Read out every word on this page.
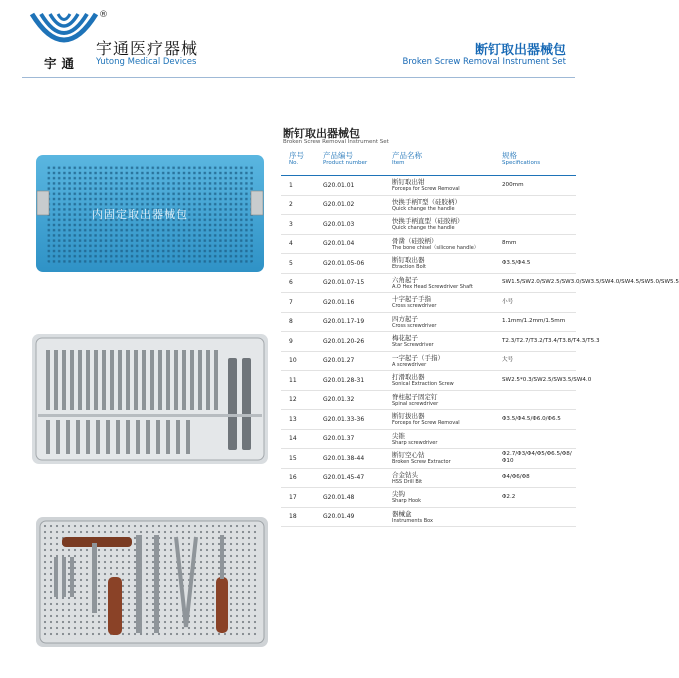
®
宇通
宇通医疗器械
Yutong Medical Devices
断钉取出器械包
Broken Screw Removal Instrument Set
内固定取出器械包
断钉取出器械包
Broken Screw Removal Instrument Set
序号
No.	产品编号
Product number	产品名称
Item	规格
Specifications

1	G20.01.01	断钉取出钳
Forceps for Screw Removal	200mm
2	G20.01.02	快换手柄T型（硅胶柄）
Quick change the handle	

3	G20.01.03	快换手柄直型（硅胶柄）
Quick change the handle	

4	G20.01.04	骨凿（硅胶柄）
The bone chisel（silicone handle）	8mm
5	G20.01.05-06	断钉取出器
Etraction Bolt	Φ3.5/Φ4.5
6	G20.01.07-15	六角起子
A.O Hex Head Screwdriver Shaft	SW1.5/SW2.0/SW2.5/SW3.0/SW3.5/SW4.0/SW4.5/SW5.0/SW5.5
7	G20.01.16	十字起子手指
Cross screwdriver	小号
8	G20.01.17-19	四方起子
Cross screwdriver	1.1mm/1.2mm/1.5mm
9	G20.01.20-26	梅花起子
Star Screwdriver	T2.3/T2.7/T3.2/T3.4/T3.8/T4.3/T5.3
10	G20.01.27	一字起子（手指）
A screwdriver	大号
11	G20.01.28-31	打滑取出器
Sonical Extraction Screw	SW2.5*0.3/SW2.5/SW3.5/SW4.0
12	G20.01.32	脊柱起子固定钉
Spinal screwdriver	

13	G20.01.33-36	断钉拔出器
Forceps for Screw Removal	Φ3.5/Φ4.5/Φ6.0/Φ6.5
14	G20.01.37	尖锥
Sharp screwdriver	

15	G20.01.38-44	断钉空心钻
Broken Screw Extractor	Φ2.7/Φ3/Φ4/Φ5/Φ6.5/Φ8/Φ10
16	G20.01.45-47	合金钻头
HSS Drill Bit	Φ4/Φ6/Φ8
17	G20.01.48	尖钩
Sharp Hook	Φ2.2
18	G20.01.49	器械盒
Instruments Box	
